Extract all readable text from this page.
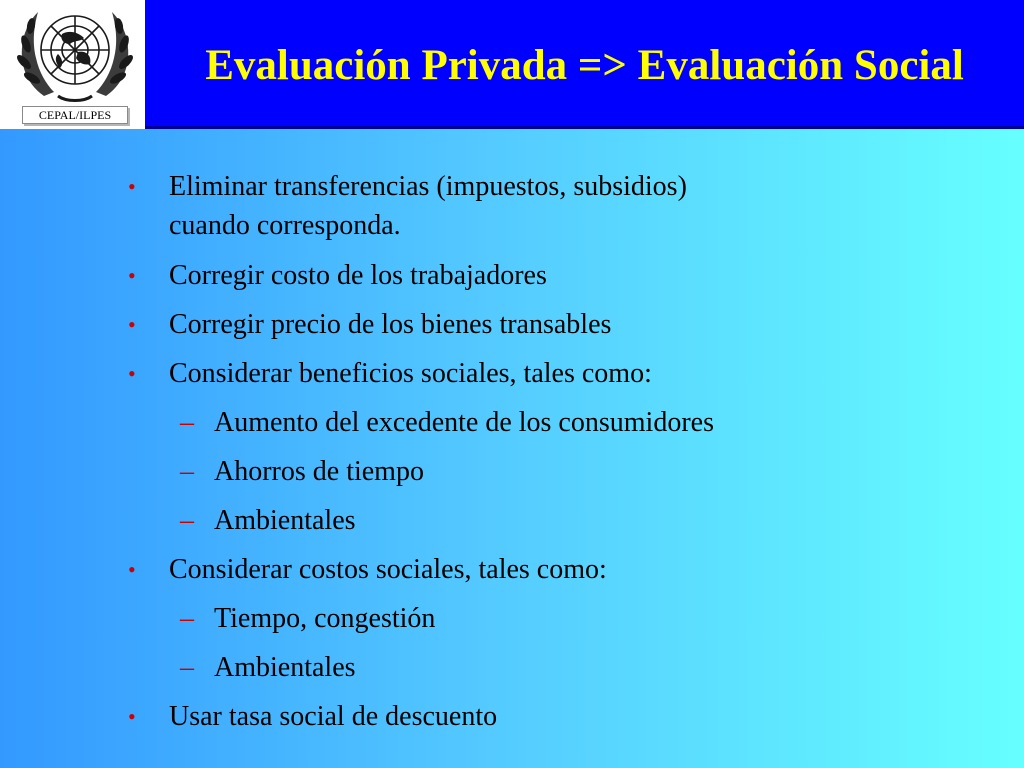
CEPAL/ILPES
Evaluación Privada => Evaluación Social
• Eliminar transferencias (impuestos, subsidios)
cuando corresponda.
• Corregir costo de los trabajadores
• Corregir precio de los bienes transables
• Considerar beneficios sociales, tales como:
– Aumento del excedente de los consumidores
– Ahorros de tiempo
– Ambientales
• Considerar costos sociales, tales como:
– Tiempo, congestión
– Ambientales
• Usar tasa social de descuento
